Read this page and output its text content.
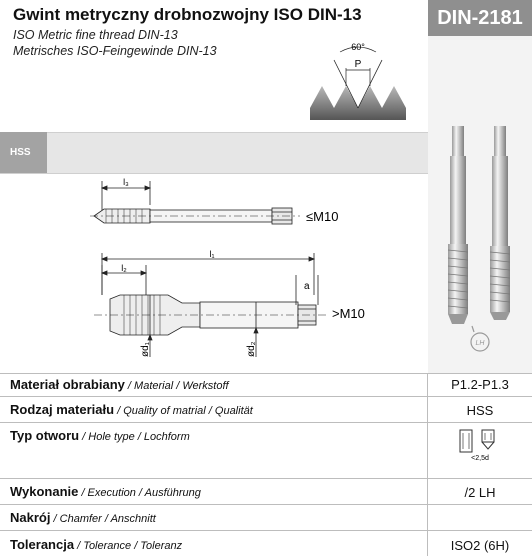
Gwint metryczny drobnozwojny ISO DIN-13
ISO Metric fine thread DIN-13
Metrisches ISO-Feingewinde DIN-13
DIN-2181
60°
P
HSS
LH
l₃
≤M10
l₁
l₂
a
ød₁	ød₂
>M10
Materiał obrabiany / Material / Werkstoff	P1.2-P1.3
Rodzaj materiału / Quality of matrial / Qualität	HSS
Typ otworu / Hole type / Lochform
<2,5d
Wykonanie / Execution / Ausführung	/2 LH
Nakrój / Chamfer / Anschnitt
Tolerancja / Tolerance / Toleranz	ISO2 (6H)
